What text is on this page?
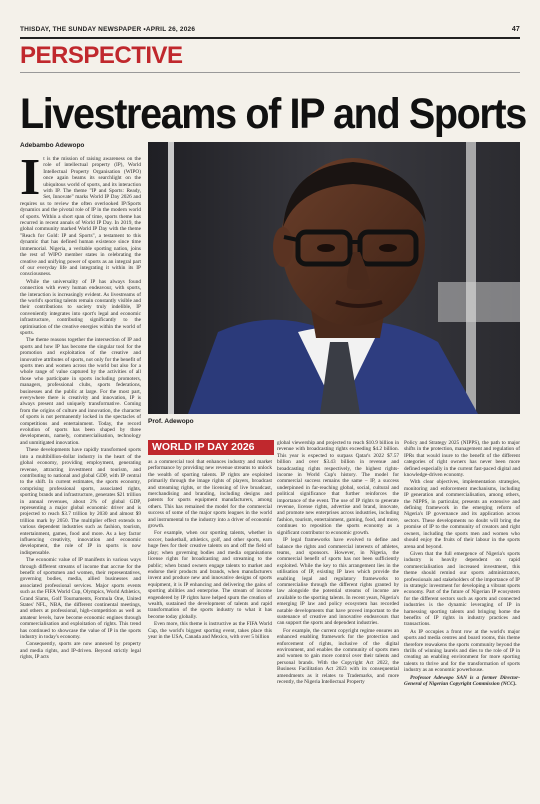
THISDAY, THE SUNDAY NEWSPAPER •APRIL 26, 2026	47
PERSPECTIVE
Livestreams of IP and Sports
Adebambo Adewopo

It is the mission of raising awareness on the role of intellectual property (IP), World Intellectual Property Organisation (WIPO) once again beams its searchlight on the ubiquitous world of sports, and its interaction with IP. The theme "IP and Sports: Ready, Set, Innovate" marks World IP Day 2026 and requires us to review the often overlooked IP/Sports dynamics and the pivotal role of IP in the modern world of sports. Within a short span of time, sports theme has recurred in recent annals of World IP Day. In 2019, the global community marked World IP Day with the theme "Reach for Gold: IP and Sports", a testament to this dynamic that has defined human existence since time immemorial. Nigeria, a veritable sporting nation, joins the rest of WIPO member states in celebrating the creative and unifying power of sports as an integral part of our everyday life and integrating it within its IP consciousness.

While the universality of IP has always found connection with every human endeavour, with sports, the interaction is increasingly evident. As livestreams of the world's sporting talents remain constantly visible and their contributions to society truly indelible, IP conveniently integrates into sport's legal and economic infrastructure, contributing significantly to the optimisation of the creative energies within the world of sports.

The theme reasons together the intersection of IP and sports and how IP has become the singular tool for the promotion and exploitation of the creative and innovative attributes of sports, not only for the benefit of sports men and women across the world but also for a whole range of value captured by the activities of all those who participate in sports including promoters, managers, professional clubs, sports federations, businesses and the public at large. For the most part, everywhere there is creativity and innovation, IP is always present and uniquely transformative. Coming from the origins of culture and innovation, the character of sports is not permanently locked in the spectacles of competitions and entertainment. Today, the record evolution of sports has been shaped by three developments, namely, commercialisation, technology and unmitigated innovation.

These developments have rapidly transformed sports into a multibillion-dollar industry in the heart of the global economy, providing employment, generating revenue, attracting investment and tourism, and contributing to national and global GDP, with IP central to the shift. In current estimates, the sports economy, comprising professional sports, associated rights, sporting brands and infrastructure, generates $21 trillion in annual revenues, about 2% of global GDP, representing a major global economic driver and is projected to reach $3.7 trillion by 2030 and almost $9 trillion mark by 2050. The multiplier effect extends to various dependent industries such as fashion, tourism, entertainment, games, food and more. As a key factor influencing creativity, innovation and economic development, the role of IP in sports is now indispensable.

The economic value of IP manifests in various ways through different streams of income that accrue for the benefit of sportsmen and women, their representatives, governing bodies, media, allied businesses and associated professional services. Major sports events such as the FIFA World Cup, Olympics, World Athletics, Grand Slams, Golf Tournaments, Formula One, United States' NFL, NBA, the different continental meetings, and others at professional, high-competition as well as amateur levels, have become economic engines through commercialisation and exploitation of rights. This trend has continued to showcase the value of IP in the sports industry in today's economy.

Consequently, sports are now annexed by property and media rights, and IP-driven. Beyond strictly legal rights, IP acts

Prof. Adewopo
WORLD IP DAY 2026

as a commercial tool that enhances industry and market performance by providing new revenue streams to unlock the wealth of sporting talents. IP rights are exploited primarily through the image rights of players, broadcast and streaming rights, or the licensing of live broadcast, merchandising and branding, including designs and patents for sports equipment manufacturers, among others. This has remained the model for the commercial success of some of the major sports leagues in the world and instrumental to the industry into a driver of economic growth.

For example, when our sporting talents, whether in soccer, basketball, athletics, golf, and other sports, earn huge fees for their creative talents on and off the field of play; when governing bodies and media organisations license rights for broadcasting and streaming to the public; when brand owners engage talents to market and endorse their products and brands, when manufacturers invent and produce new and innovative designs of sports equipment, it is IP enhancing and delivering the gains of sporting abilities and enterprise. The stream of income engendered by IP rights have helped spurn the creation of wealth, sustained the development of talents and rapid transformation of the sports industry to what it has become today globally.

Even more, this theme is instructive as the FIFA World Cup, the world's biggest sporting event, takes place this year in the USA, Canada and Mexico, with over 5 billion

global viewership and projected to reach $10.9 billion in revenue with broadcasting rights exceeding $4.2 billion. This year is expected to surpass Qatar's 2022 $7.57 billion and over $3.43 billion in revenue and broadcasting rights respectively, the highest rights-income in World Cup's history. The model for commercial success remains the same – IP, a success underpinned in far-reaching global, social, cultural and political significance that further reinforces the importance of the event. The use of IP rights to generate revenue, license rights, advertise and brand, innovate, and promote new enterprises across industries, including fashion, tourism, entertainment, gaming, food, and more, continues to reposition the sports economy as a significant contributor to economic growth.

IP legal frameworks have evolved to define and balance the rights and commercial interests of athletes, teams, and sponsors. However, in Nigeria, the commercial benefit of sports has not been sufficiently exploited. While the key to this arrangement lies in the utilisation of IP, existing IP laws which provide the enabling legal and regulatory frameworks to commercialise through the different rights granted by law alongside the potential streams of income are available to the sporting talents. In recent years, Nigeria's emerging IP law and policy ecosystem has recorded notable developments that have proved important to the sustenance of creative and innovative endeavours that can support the sports and dependent industries.

For example, the current copyright regime ensures an enhanced enabling framework for the protection and enforcement of rights, inclusive of the digital environment, and enables the community of sports men and women to gain more control over their talents and personal brands. With the Copyright Act 2022, the Business Facilitation Act 2023 with its consequential amendments as it relates to Trademarks, and more recently, the Nigeria Intellectual Property

Policy and Strategy 2025 (NIPPS), the path to major shifts in the protection, management and regulation of IPRs that would inure to the benefit of the different categories of right owners has never been more defined especially in the current fast-paced digital and knowledge-driven economy.

With clear objectives, implementation strategies, monitoring and enforcement mechanisms, including IP generation and commercialisation, among others, the NIPPS, in particular, presents an extensive and defining framework in the emerging reform of Nigeria's IP governance and its application across sectors. These developments no doubt will bring the promise of IP to the community of creators and right owners, including the sports men and women who should enjoy the fruits of their labour in the sports arena and beyond.

Given that the full emergence of Nigeria's sports industry is heavily dependent on rapid commercialisation and increased investment, this theme should remind our sports administrators, professionals and stakeholders of the importance of IP in strategic investment for developing a vibrant sports economy. Part of the future of Nigerian IP ecosystem for the different sectors such as sports and connected industries is the dynamic leveraging of IP in harnessing sporting talents and bringing home the benefits of IP rights in industry practices and transactions.

As IP occupies a front row at the world's major sports and media centres and board rooms, this theme therefore reawakens the sports community beyond the thrills of winning laurels and dies to the role of IP in creating an enabling environment for more sporting talents to thrive and for the transformation of sports industry as an economic powerhouse.

Professor Adewopo SAN is a former Director-General of Nigerian Copyright Commission (NCC).
